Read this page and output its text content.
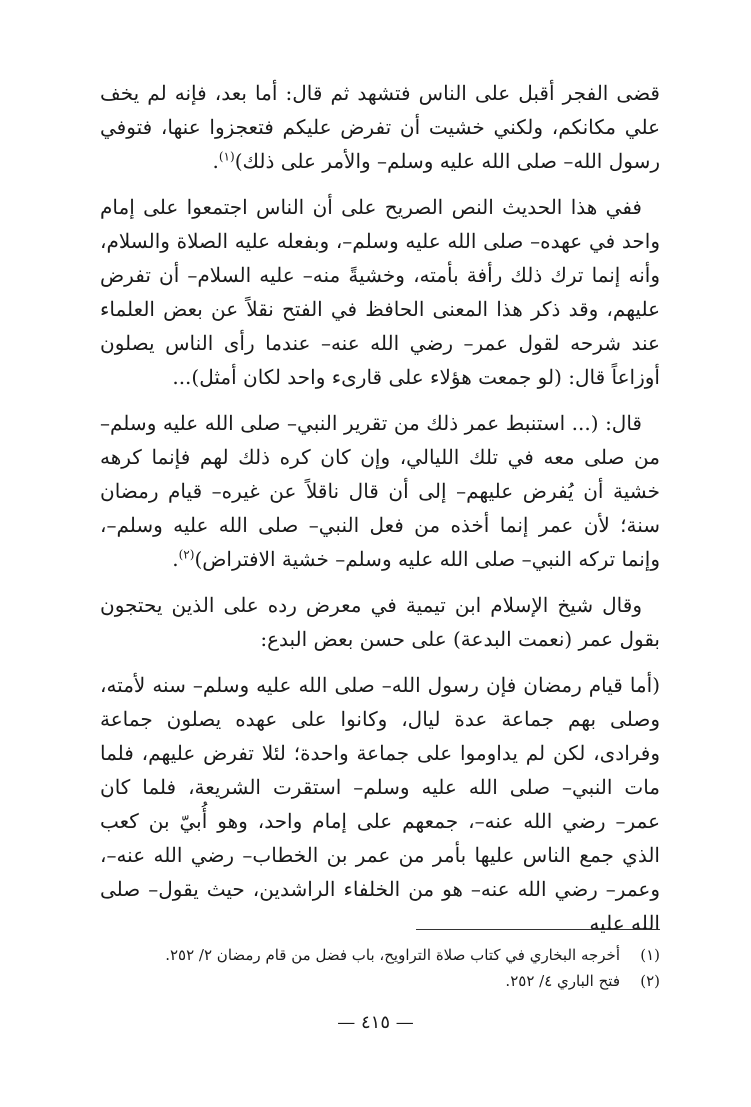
قضى الفجر أقبل على الناس فتشهد ثم قال: أما بعد، فإنه لم يخف علي مكانكم، ولكني خشيت أن تفرض عليكم فتعجزوا عنها، فتوفي رسول الله– صلى الله عليه وسلم– والأمر على ذلك)$^{(١)}$.

ففي هذا الحديث النص الصريح على أن الناس اجتمعوا على إمام واحد في عهده– صلى الله عليه وسلم–، وبفعله عليه الصلاة والسلام، وأنه إنما ترك ذلك رأفة بأمته، وخشيةً منه– عليه السلام– أن تفرض عليهم، وقد ذكر هذا المعنى الحافظ في الفتح نقلاً عن بعض العلماء عند شرحه لقول عمر– رضي الله عنه– عندما رأى الناس يصلون أوزاعاً قال: (لو جمعت هؤلاء على قارىء واحد لكان أمثل)...

قال: (... استنبط عمر ذلك من تقرير النبي– صلى الله عليه وسلم– من صلى معه في تلك الليالي، وإن كان كره ذلك لهم فإنما كرهه خشية أن يُفرض عليهم– إلى أن قال ناقلاً عن غيره– قيام رمضان سنة؛ لأن عمر إنما أخذه من فعل النبي– صلى الله عليه وسلم–، وإنما تركه النبي– صلى الله عليه وسلم– خشية الافتراض)$^{(٢)}$.

وقال شيخ الإسلام ابن تيمية في معرض رده على الذين يحتجون بقول عمر (نعمت البدعة) على حسن بعض البدع:

(أما قيام رمضان فإن رسول الله– صلى الله عليه وسلم– سنه لأمته، وصلى بهم جماعة عدة ليال، وكانوا على عهده يصلون جماعة وفرادى، لكن لم يداوموا على جماعة واحدة؛ لئلا تفرض عليهم، فلما مات النبي– صلى الله عليه وسلم– استقرت الشريعة، فلما كان عمر– رضي الله عنه–، جمعهم على إمام واحد، وهو أُبيّ بن كعب الذي جمع الناس عليها بأمر من عمر بن الخطاب– رضي الله عنه–، وعمر– رضي الله عنه– هو من الخلفاء الراشدين، حيث يقول– صلى الله عليه

(١)أخرجه البخاري في كتاب صلاة التراويح، باب فضل من قام رمضان ٢/ ٢٥٢.
(٢)فتح الباري ٤/ ٢٥٢.
— ٤١٥ —
